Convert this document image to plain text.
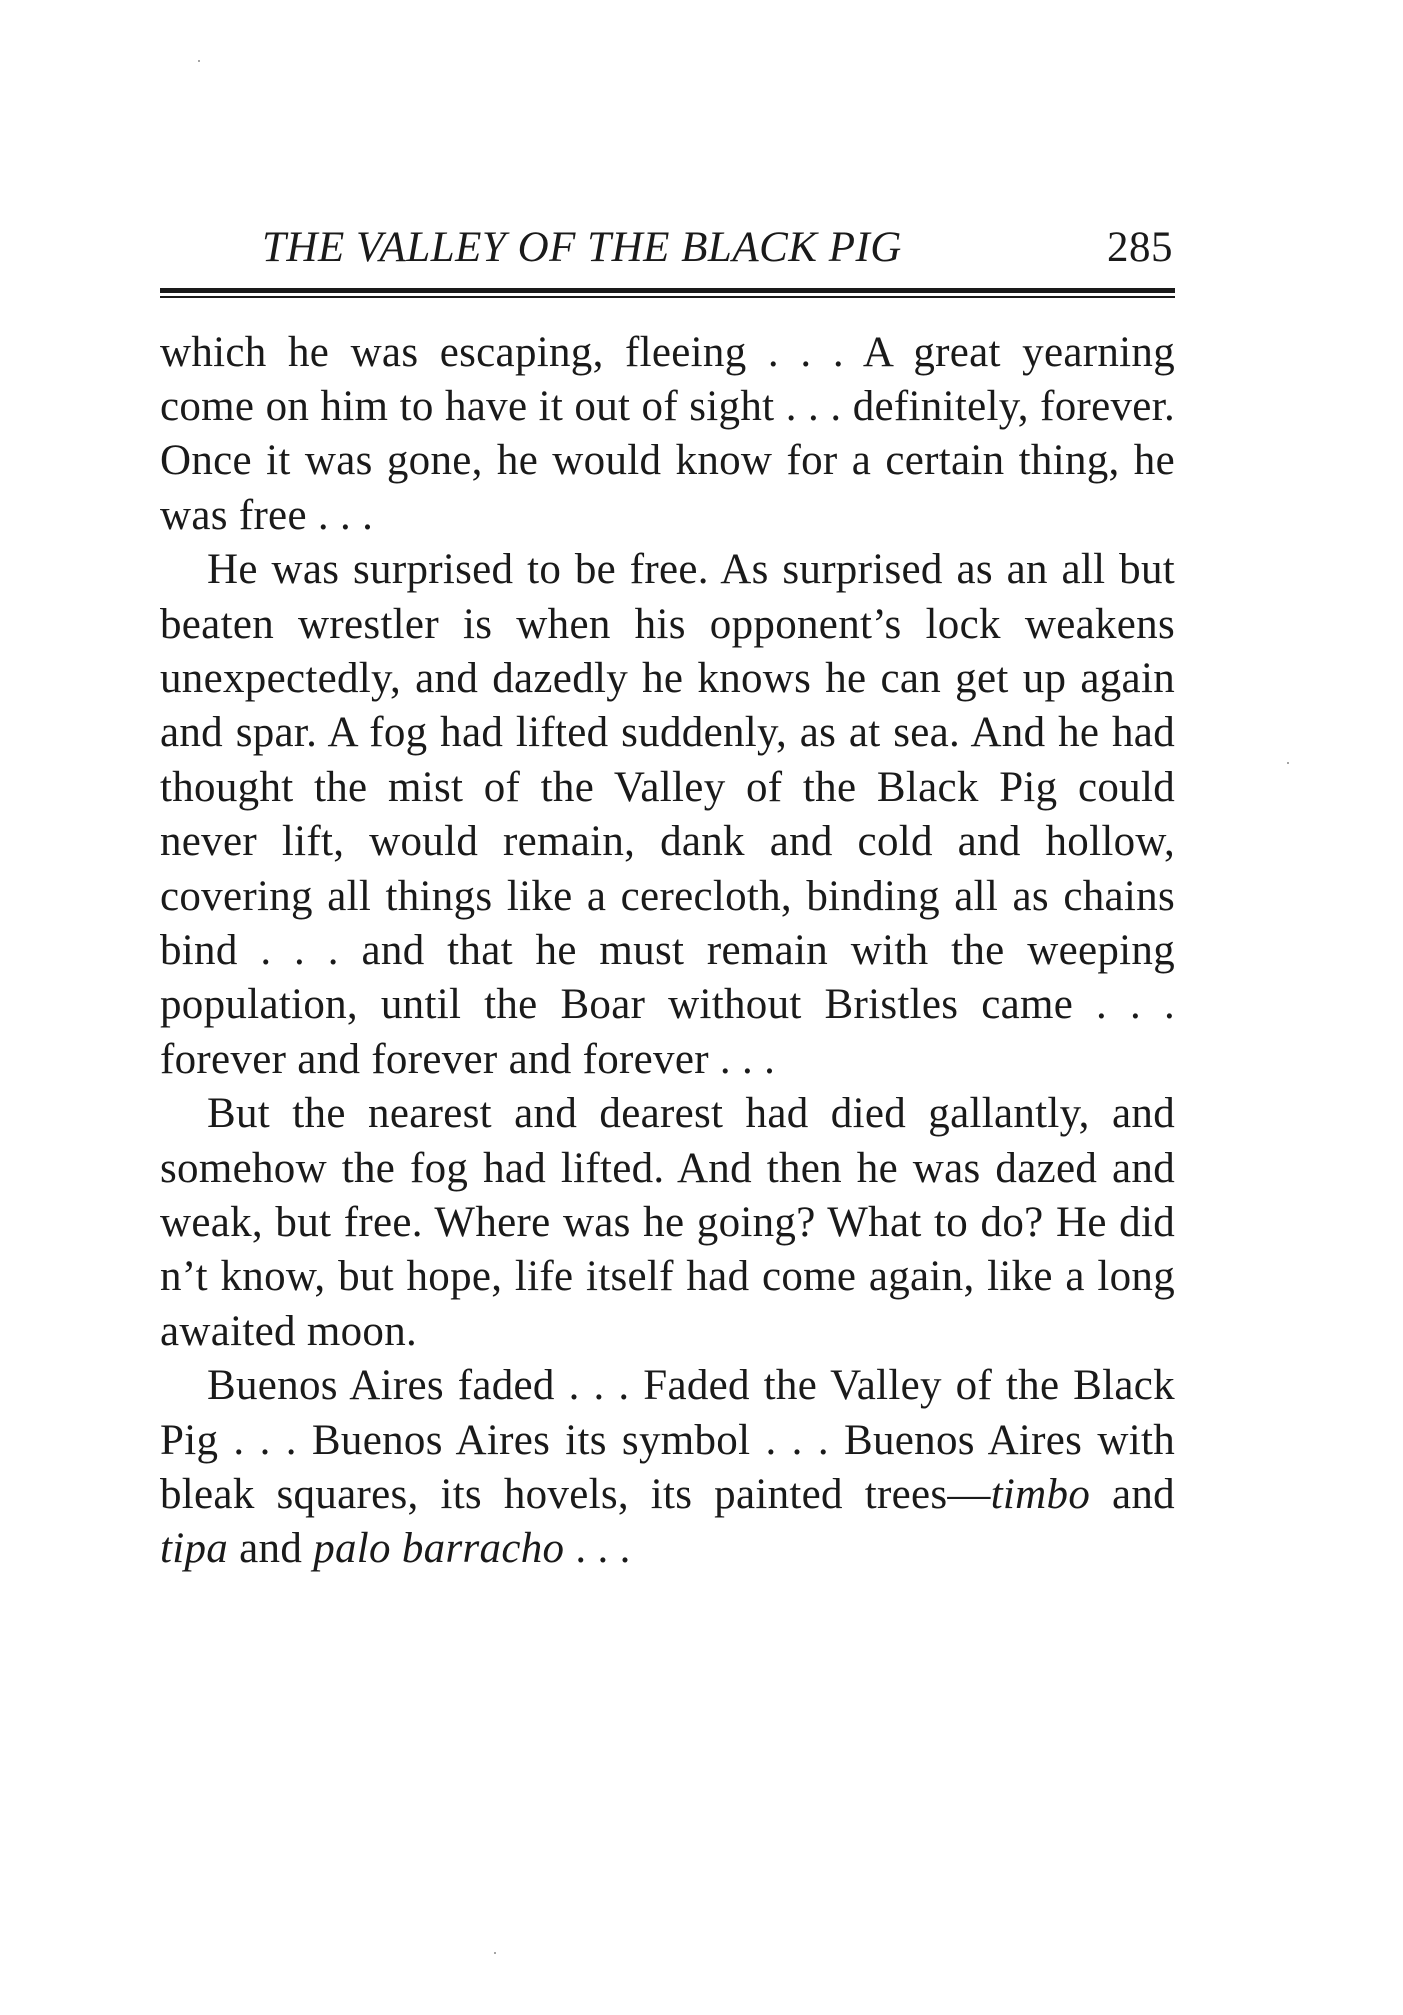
THE VALLEY OF THE BLACK PIG	285

which he was escaping, fleeing . . . A great yearning come on him to have it out of sight . . . definitely, forever. Once it was gone, he would know for a certain thing, he was free . . .

He was surprised to be free. As surprised as an all but beaten wrestler is when his opponent’s lock weakens unexpectedly, and dazedly he knows he can get up again and spar. A fog had lifted suddenly, as at sea. And he had thought the mist of the Valley of the Black Pig could never lift, would remain, dank and cold and hollow, covering all things like a cerecloth, binding all as chains bind . . . and that he must remain with the weeping population, until the Boar without Bristles came . . . forever and forever and forever . . .

But the nearest and dearest had died gallantly, and somehow the fog had lifted. And then he was dazed and weak, but free. Where was he going? What to do? He did n’t know, but hope, life itself had come again, like a long awaited moon.

Buenos Aires faded . . . Faded the Valley of the Black Pig . . . Buenos Aires its symbol . . . Buenos Aires with bleak squares, its hovels, its painted trees—timbo and tipa and palo barracho . . .
